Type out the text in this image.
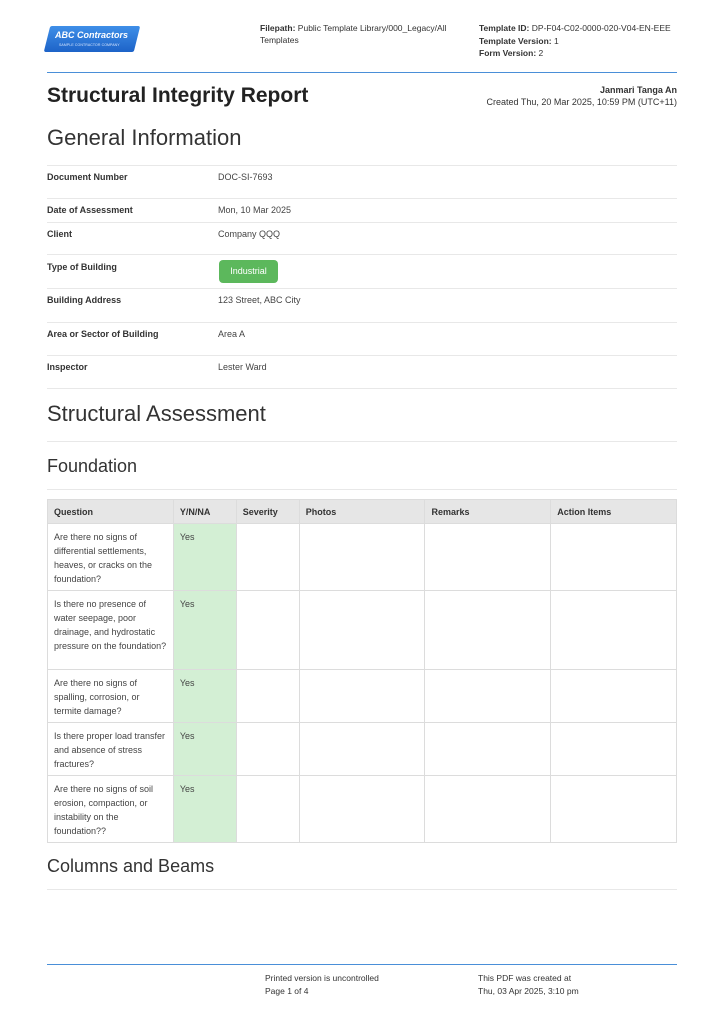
ABC Contractors
SAMPLE CONTRACTOR COMPANY
Filepath: Public Template Library/000_Legacy/All Templates
Template ID: DP-F04-C02-0000-020-V04-EN-EEE
Template Version: 1
Form Version: 2
Structural Integrity Report	Janmari Tanga An
Created Thu, 20 Mar 2025, 10:59 PM (UTC+11)
General Information
Document Number	DOC-SI-7693
Date of Assessment	Mon, 10 Mar 2025
Client	Company QQQ
Type of Building	Industrial
Building Address	123 Street, ABC City
Area or Sector of Building	Area A
Inspector	Lester Ward
Structural Assessment
Foundation
Question	Y/N/NA	Severity	Photos	Remarks	Action Items
Are there no signs of differential settlements, heaves, or cracks on the foundation?	Yes				
Is there no presence of water seepage, poor drainage, and hydrostatic pressure on the foundation?	Yes				
Are there no signs of spalling, corrosion, or termite damage?	Yes				
Is there proper load transfer and absence of stress fractures?	Yes				
Are there no signs of soil erosion, compaction, or instability on the foundation??	Yes				
Columns and Beams
Printed version is uncontrolled
Page 1 of 4
This PDF was created at
Thu, 03 Apr 2025, 3:10 pm
